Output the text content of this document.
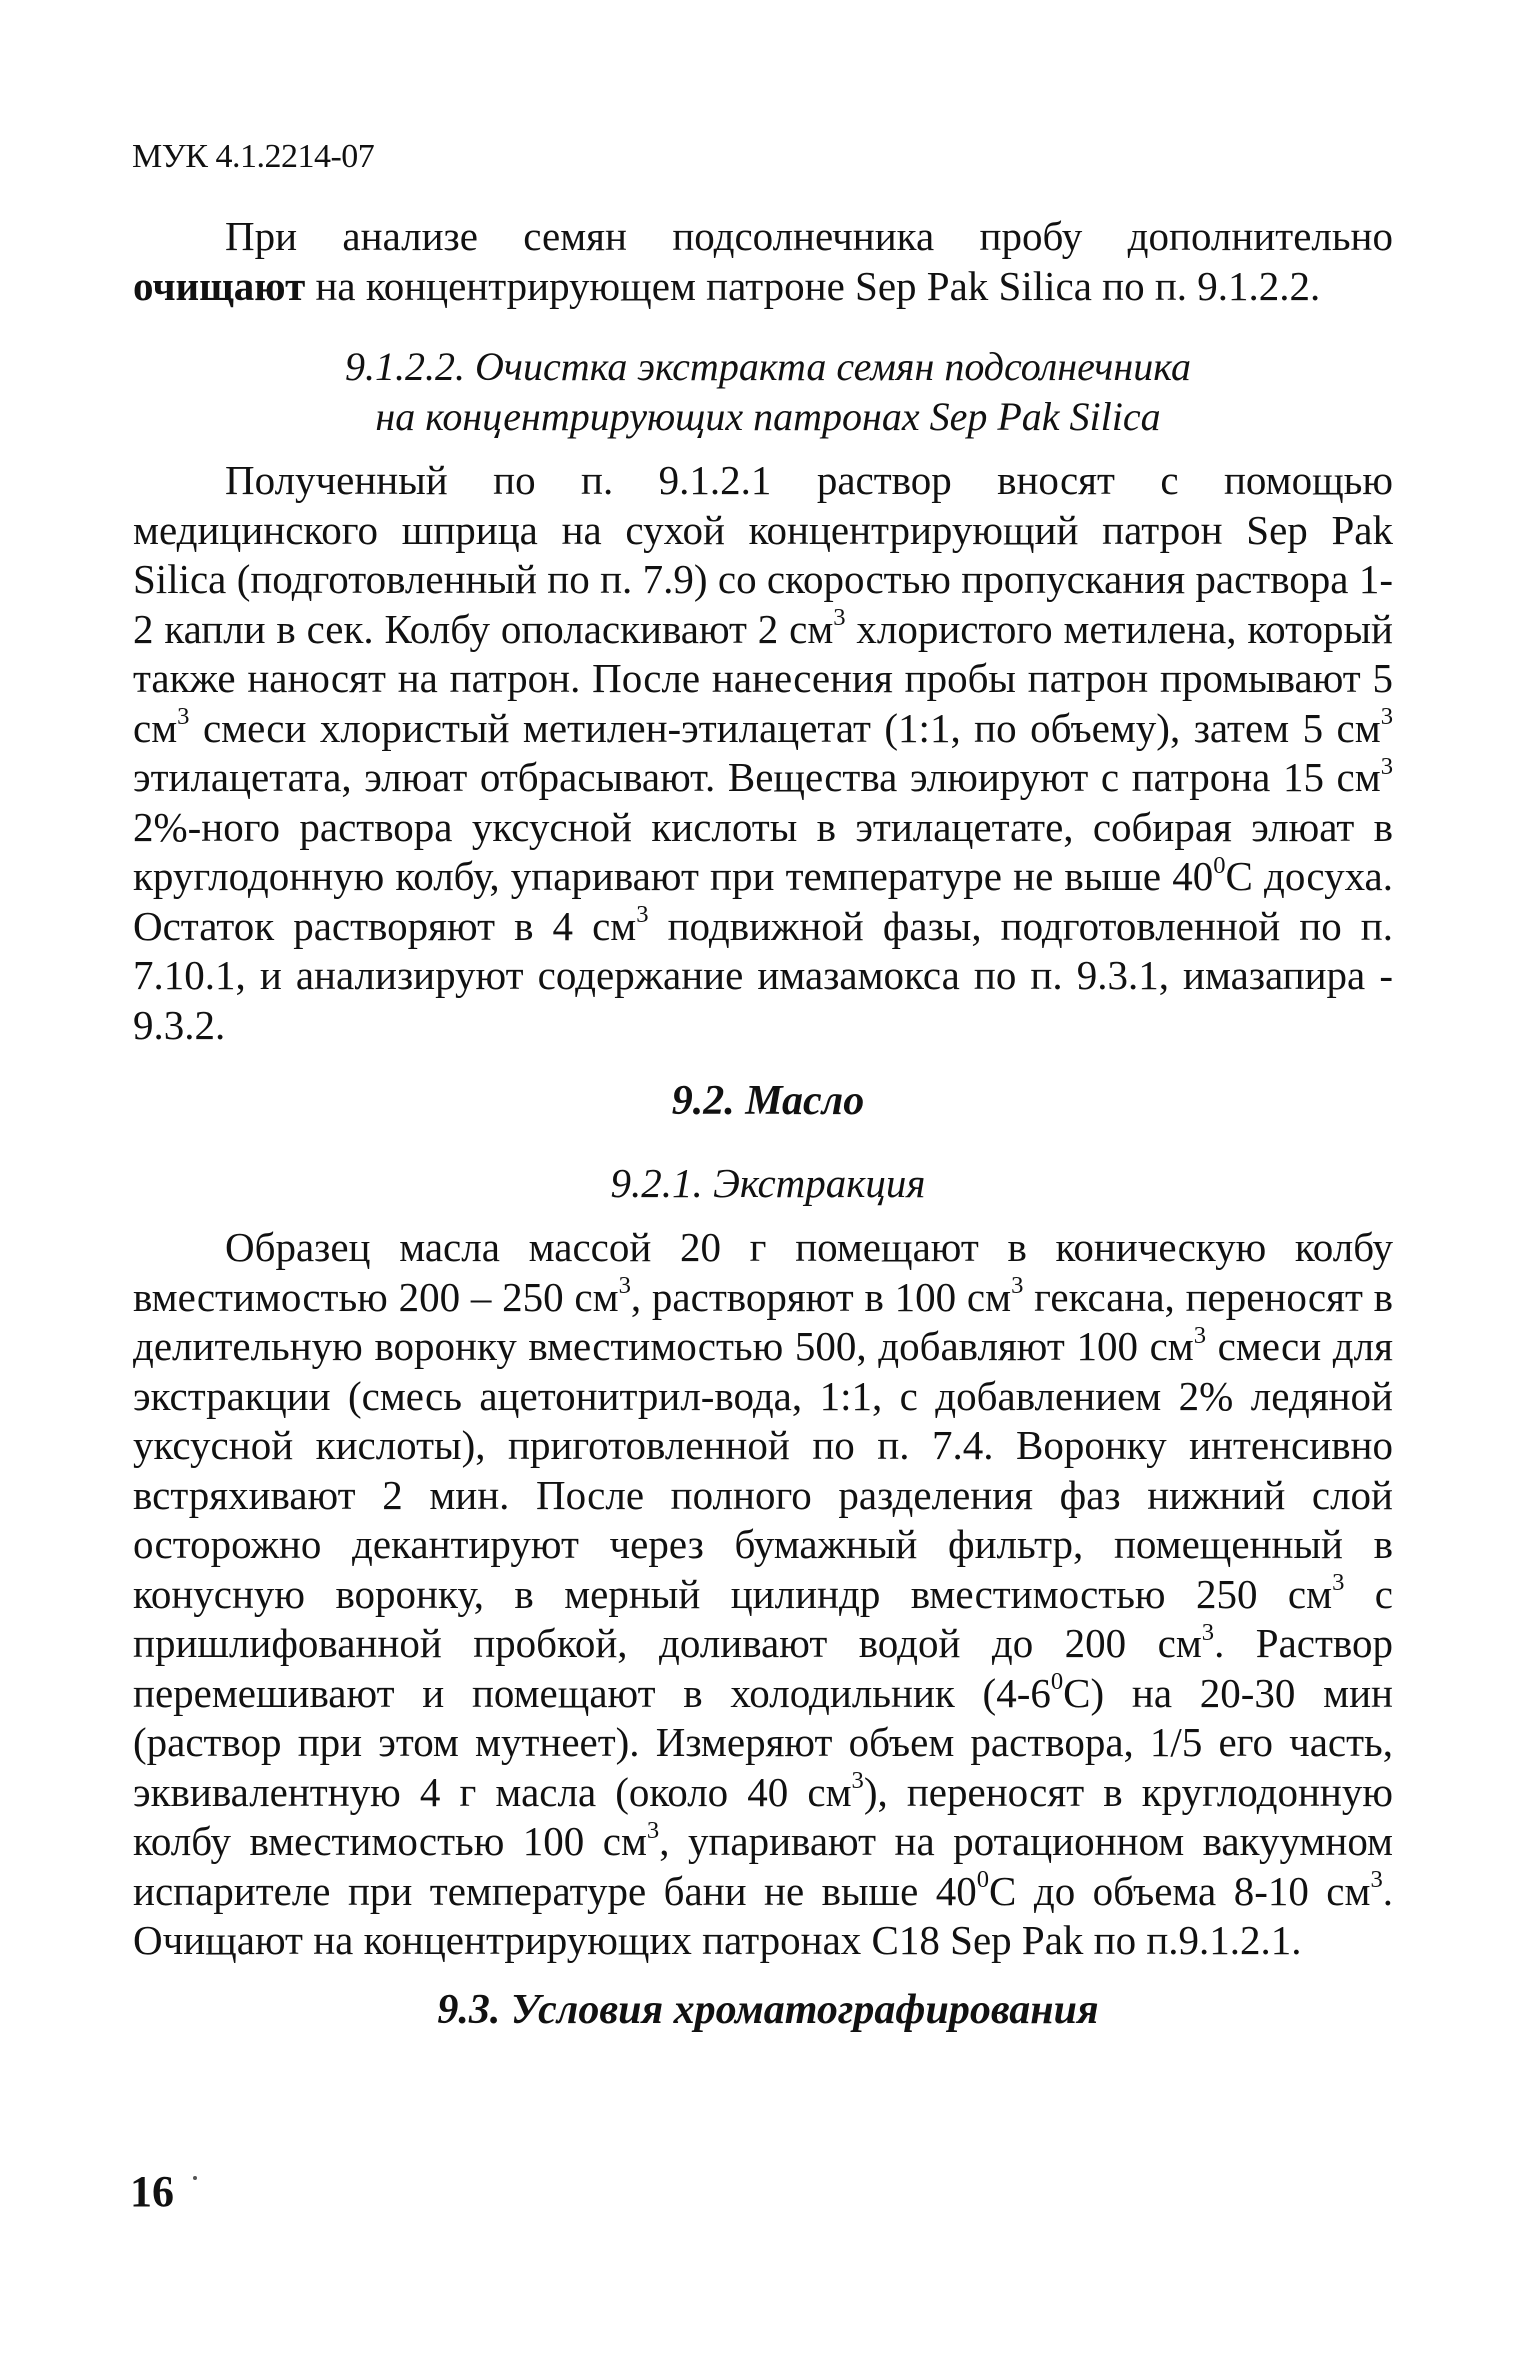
МУК 4.1.2214-07

При анализе семян подсолнечника пробу дополнительно очищают на концентрирующем патроне Sep Pak Silica по п. 9.1.2.2.

9.1.2.2. Очистка экстракта семян подсолнечника
на концентрирующих патронах Sep Pak Silica

Полученный по п. 9.1.2.1 раствор вносят с помощью медицинского шприца на сухой концентрирующий патрон Sep Pak Silica (подготовленный по п. 7.9) со скоростью пропускания раствора 1-2 капли в сек. Колбу ополаскивают 2 $см^3$ хлористого метилена, который также наносят на патрон. После нанесения пробы патрон промывают 5 $см^3$ смеси хлористый метилен-этилацетат (1:1, по объему), затем 5 $см^3$ этилацетата, элюат отбрасывают. Вещества элюируют с патрона 15 $см^3$ 2%-ного раствора уксусной кислоты в этилацетате, собирая элюат в круглодонную колбу, упаривают при температуре не выше $40^0С$ досуха. Остаток растворяют в 4 $см^3$ подвижной фазы, подготовленной по п. 7.10.1, и анализируют содержание имазамокса по п. 9.3.1, имазапира - 9.3.2.

9.2. Масло
9.2.1. Экстракция

Образец масла массой 20 г помещают в коническую колбу вместимостью 200 – 250 $см^3$, растворяют в 100 $см^3$ гексана, переносят в делительную воронку вместимостью 500, добавляют 100 $см^3$ смеси для экстракции (смесь ацетонитрил-вода, 1:1, с добавлением 2% ледяной уксусной кислоты), приготовленной по п. 7.4. Воронку интенсивно встряхивают 2 мин. После полного разделения фаз нижний слой осторожно декантируют через бумажный фильтр, помещенный в конусную воронку, в мерный цилиндр вместимостью 250 $см^3$ с пришлифованной пробкой, доливают водой до 200 $см^3$. Раствор перемешивают и помещают в холодильник $(4-6^0С)$ на 20-30 мин (раствор при этом мутнеет). Измеряют объем раствора, 1/5 его часть, эквивалентную 4 г масла (около 40 $см^3$), переносят в круглодонную колбу вместимостью 100 $см^3$, упаривают на ротационном вакуумном испарителе при температуре бани не выше $40^0С$ до объема 8-10 $см^3$. Очищают на концентрирующих патронах С18 Sep Pak по п.9.1.2.1.

9.3. Условия хроматографирования
16
